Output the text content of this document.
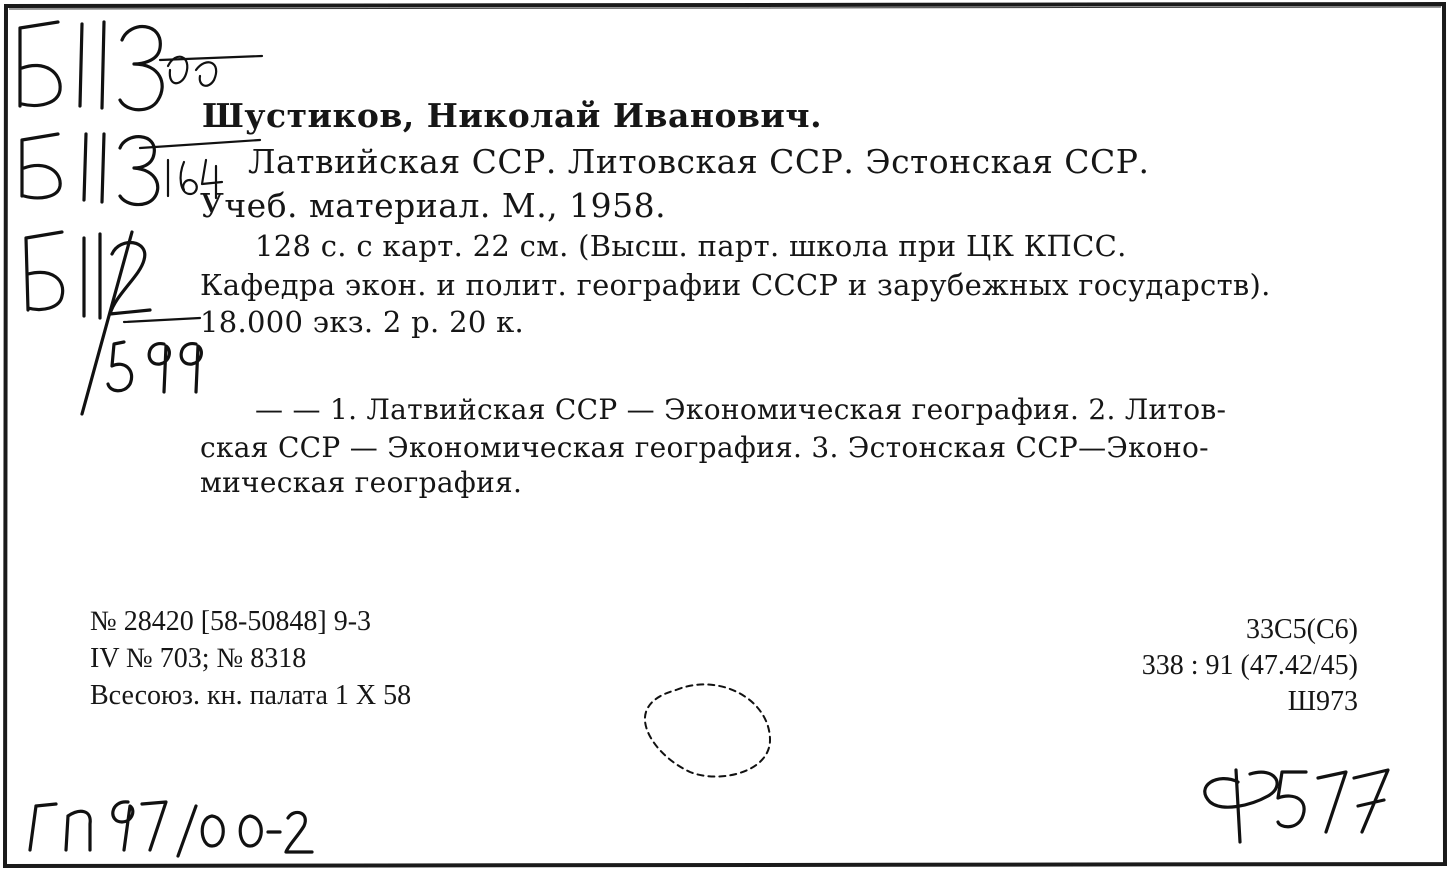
Шустиков, Николай Иванович.
Латвийская ССР. Литовская ССР. Эстонская ССР.
Учеб. материал. М., 1958.
128 с. с карт. 22 см. (Высш. парт. школа при ЦК КПСС.
Кафедра экон. и полит. географии СССР и зарубежных государств).
18.000 экз. 2 р. 20 к.
— — 1. Латвийская ССР — Экономическая география. 2. Литов-
ская ССР — Экономическая география. 3. Эстонская ССР—Эконо-
мическая география.
№ 28420 [58-50848] 9-3
IV № 703; № 8318
Всесоюз. кн. палата 1 X 58
33С5(С6)
338 : 91 (47.42/45)
Ш973
